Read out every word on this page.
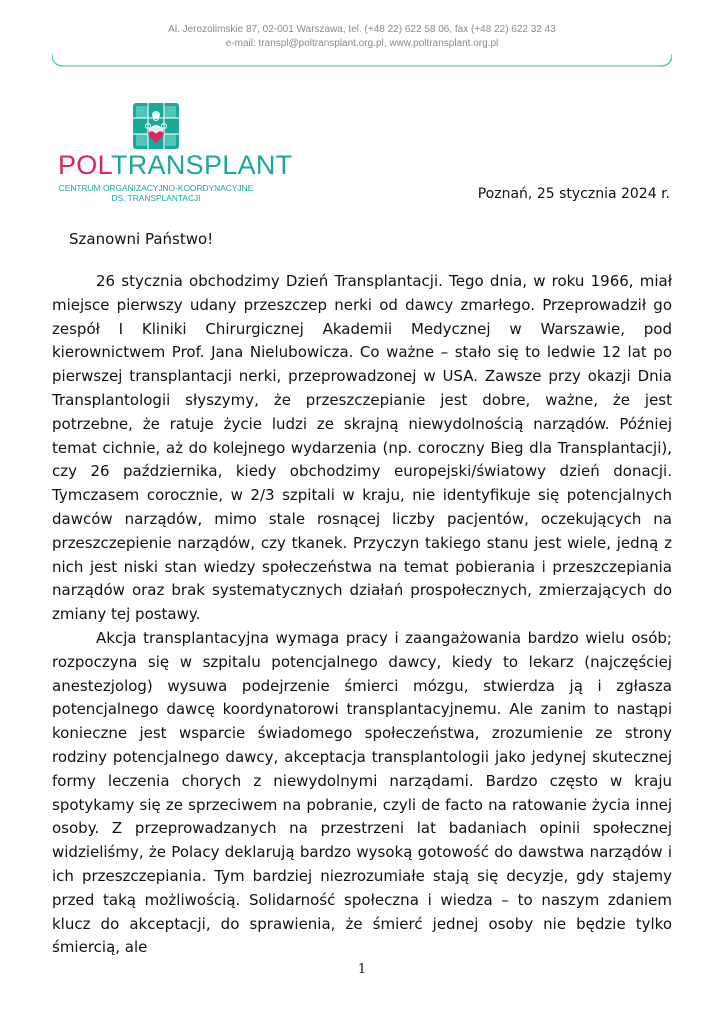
Al. Jerozolimskie 87, 02-001 Warszawa, tel. (+48 22) 622 58 06, fax (+48 22) 622 32 43
e-mail: transpl@poltransplant.org.pl, www.poltransplant.org.pl
POLTRANSPLANT
CENTRUM ORGANIZACYJNO-KOORDYNACYJNE
DS. TRANSPLANTACJI	Poznań, 25 stycznia 2024 r.
Szanowni Państwo!

26 stycznia obchodzimy Dzień Transplantacji. Tego dnia, w roku 1966, miał miejsce pierwszy udany przeszczep nerki od dawcy zmarłego. Przeprowadził go zespół I Kliniki Chirurgicznej Akademii Medycznej w Warszawie, pod kierownictwem Prof. Jana Nielubowicza. Co ważne – stało się to ledwie 12 lat po pierwszej transplantacji nerki, przeprowadzonej w USA. Zawsze przy okazji Dnia Transplantologii słyszymy, że przeszczepianie jest dobre, ważne, że jest potrzebne, że ratuje życie ludzi ze skrajną niewydolnością narządów. Później temat cichnie, aż do kolejnego wydarzenia (np. coroczny Bieg dla Transplantacji), czy 26 października, kiedy obchodzimy europejski/światowy dzień donacji. Tymczasem corocznie, w 2/3 szpitali w kraju, nie identyfikuje się potencjalnych dawców narządów, mimo stale rosnącej liczby pacjentów, oczekujących na przeszczepienie narządów, czy tkanek. Przyczyn takiego stanu jest wiele, jedną z nich jest niski stan wiedzy społeczeństwa na temat pobierania i przeszczepiania narządów oraz brak systematycznych działań prospołecznych, zmierzających do zmiany tej postawy.

Akcja transplantacyjna wymaga pracy i zaangażowania bardzo wielu osób; rozpoczyna się w szpitalu potencjalnego dawcy, kiedy to lekarz (najczęściej anestezjolog) wysuwa podejrzenie śmierci mózgu, stwierdza ją i zgłasza potencjalnego dawcę koordynatorowi transplantacyjnemu. Ale zanim to nastąpi konieczne jest wsparcie świadomego społeczeństwa, zrozumienie ze strony rodziny potencjalnego dawcy, akceptacja transplantologii jako jedynej skutecznej formy leczenia chorych z niewydolnymi narządami. Bardzo często w kraju spotykamy się ze sprzeciwem na pobranie, czyli de facto na ratowanie życia innej osoby. Z przeprowadzanych na przestrzeni lat badaniach opinii społecznej widzieliśmy, że Polacy deklarują bardzo wysoką gotowość do dawstwa narządów i ich przeszczepiania. Tym bardziej niezrozumiałe stają się decyzje, gdy stajemy przed taką możliwością. Solidarność społeczna i wiedza – to naszym zdaniem klucz do akceptacji, do sprawienia, że śmierć jednej osoby nie będzie tylko śmiercią, ale

1
